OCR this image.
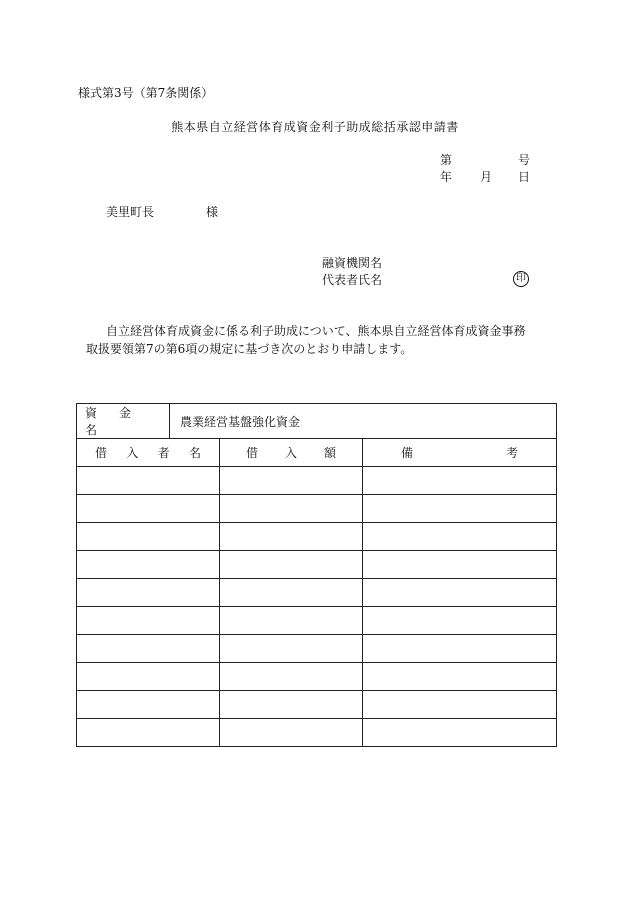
様式第3号（第7条関係）
熊本県自立経営体育成資金利子助成総括承認申請書
第	号
年 月 日
美里町長	様
融資機関名
代表者氏名	印

自立経営体育成資金に係る利子助成について、熊本県自立経営体育成資金事務

取扱要領第7の第6項の規定に基づき次のとおり申請します。

資金名	農業経営基盤強化資金		

借 入 者 名		借 入 額	備 考
